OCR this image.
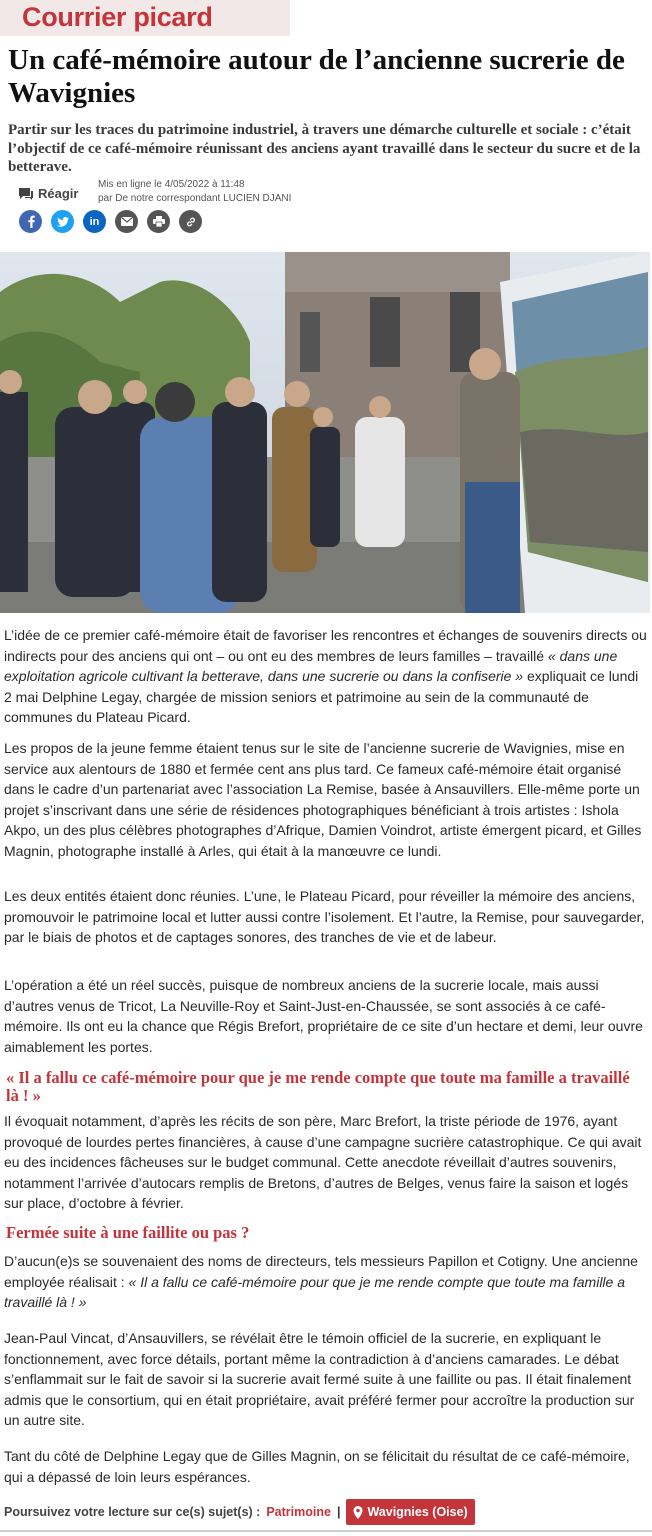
Courrier picard
Un café-mémoire autour de l’ancienne sucrerie de Wavignies

Partir sur les traces du patrimoine industriel, à travers une démarche culturelle et sociale : c’était l’objectif de ce café-mémoire réunissant des anciens ayant travaillé dans le secteur du sucre et de la betterave.

Réagir
Mis en ligne le 4/05/2022 à 11:48
par De notre correspondant LUCIEN DJANI
in

L’idée de ce premier café-mémoire était de favoriser les rencontres et échanges de souvenirs directs ou indirects pour des anciens qui ont – ou ont eu des membres de leurs familles – travaillé « dans une exploitation agricole cultivant la betterave, dans une sucrerie ou dans la confiserie » expliquait ce lundi 2 mai Delphine Legay, chargée de mission seniors et patrimoine au sein de la communauté de communes du Plateau Picard.

Les propos de la jeune femme étaient tenus sur le site de l’ancienne sucrerie de Wavignies, mise en service aux alentours de 1880 et fermée cent ans plus tard. Ce fameux café-mémoire était organisé dans le cadre d’un partenariat avec l’association La Remise, basée à Ansauvillers. Elle-même porte un projet s’inscrivant dans une série de résidences photographiques bénéficiant à trois artistes : Ishola Akpo, un des plus célèbres photographes d’Afrique, Damien Voindrot, artiste émergent picard, et Gilles Magnin, photographe installé à Arles, qui était à la manœuvre ce lundi.

Les deux entités étaient donc réunies. L’une, le Plateau Picard, pour réveiller la mémoire des anciens, promouvoir le patrimoine local et lutter aussi contre l’isolement. Et l’autre, la Remise, pour sauvegarder, par le biais de photos et de captages sonores, des tranches de vie et de labeur.

L’opération a été un réel succès, puisque de nombreux anciens de la sucrerie locale, mais aussi d’autres venus de Tricot, La Neuville-Roy et Saint-Just-en-Chaussée, se sont associés à ce café-mémoire. Ils ont eu la chance que Régis Brefort, propriétaire de ce site d’un hectare et demi, leur ouvre aimablement les portes.

« Il a fallu ce café-mémoire pour que je me rende compte que toute ma famille a travaillé là ! »

Il évoquait notamment, d’après les récits de son père, Marc Brefort, la triste période de 1976, ayant provoqué de lourdes pertes financières, à cause d’une campagne sucrière catastrophique. Ce qui avait eu des incidences fâcheuses sur le budget communal. Cette anecdote réveillait d’autres souvenirs, notamment l’arrivée d’autocars remplis de Bretons, d’autres de Belges, venus faire la saison et logés sur place, d’octobre à février.

Fermée suite à une faillite ou pas ?

D’aucun(e)s se souvenaient des noms de directeurs, tels messieurs Papillon et Cotigny. Une ancienne employée réalisait : « Il a fallu ce café-mémoire pour que je me rende compte que toute ma famille a travaillé là ! »

Jean-Paul Vincat, d’Ansauvillers, se révélait être le témoin officiel de la sucrerie, en expliquant le fonctionnement, avec force détails, portant même la contradiction à d’anciens camarades. Le débat s’enflammait sur le fait de savoir si la sucrerie avait fermé suite à une faillite ou pas. Il était finalement admis que le consortium, qui en était propriétaire, avait préféré fermer pour accroître la production sur un autre site.

Tant du côté de Delphine Legay que de Gilles Magnin, on se félicitait du résultat de ce café-mémoire, qui a dépassé de loin leurs espérances.

Poursuivez votre lecture sur ce(s) sujet(s) : Patrimoine | Wavignies (Oise)
